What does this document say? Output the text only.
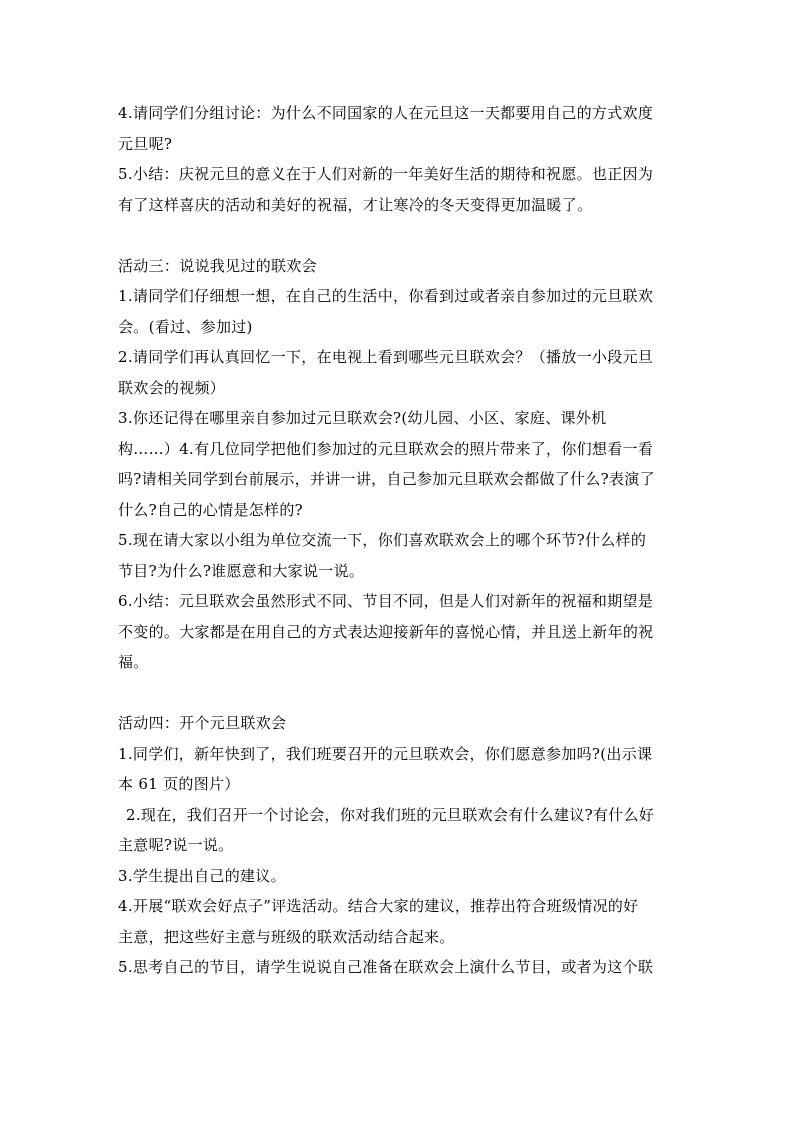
4.请同学们分组讨论：为什么不同国家的人在元旦这一天都要用自己的方式欢度
元旦呢?
5.小结：庆祝元旦的意义在于人们对新的一年美好生活的期待和祝愿。也正因为
有了这样喜庆的活动和美好的祝福，才让寒冷的冬天变得更加温暖了。
活动三：说说我见过的联欢会
1.请同学们仔细想一想，在自己的生活中，你看到过或者亲自参加过的元旦联欢
会。(看过、参加过)
2.请同学们再认真回忆一下，在电视上看到哪些元旦联欢会？（播放一小段元旦
联欢会的视频）
3.你还记得在哪里亲自参加过元旦联欢会?(幼儿园、小区、家庭、课外机
构……）4.有几位同学把他们参加过的元旦联欢会的照片带来了，你们想看一看
吗?请相关同学到台前展示，并讲一讲，自己参加元旦联欢会都做了什么?表演了
什么?自己的心情是怎样的?
5.现在请大家以小组为单位交流一下，你们喜欢联欢会上的哪个环节?什么样的
节目?为什么?谁愿意和大家说一说。
6.小结：元旦联欢会虽然形式不同、节目不同，但是人们对新年的祝福和期望是
不变的。大家都是在用自己的方式表达迎接新年的喜悦心情，并且送上新年的祝
福。
活动四：开个元旦联欢会
1.同学们，新年快到了，我们班要召开的元旦联欢会，你们愿意参加吗?(出示课
本 61 页的图片）
2.现在，我们召开一个讨论会，你对我们班的元旦联欢会有什么建议?有什么好
主意呢?说一说。
3.学生提出自己的建议。
4.开展“联欢会好点子”评选活动。结合大家的建议，推荐出符合班级情况的好
主意，把这些好主意与班级的联欢活动结合起来。
5.思考自己的节目，请学生说说自己准备在联欢会上演什么节目，或者为这个联
